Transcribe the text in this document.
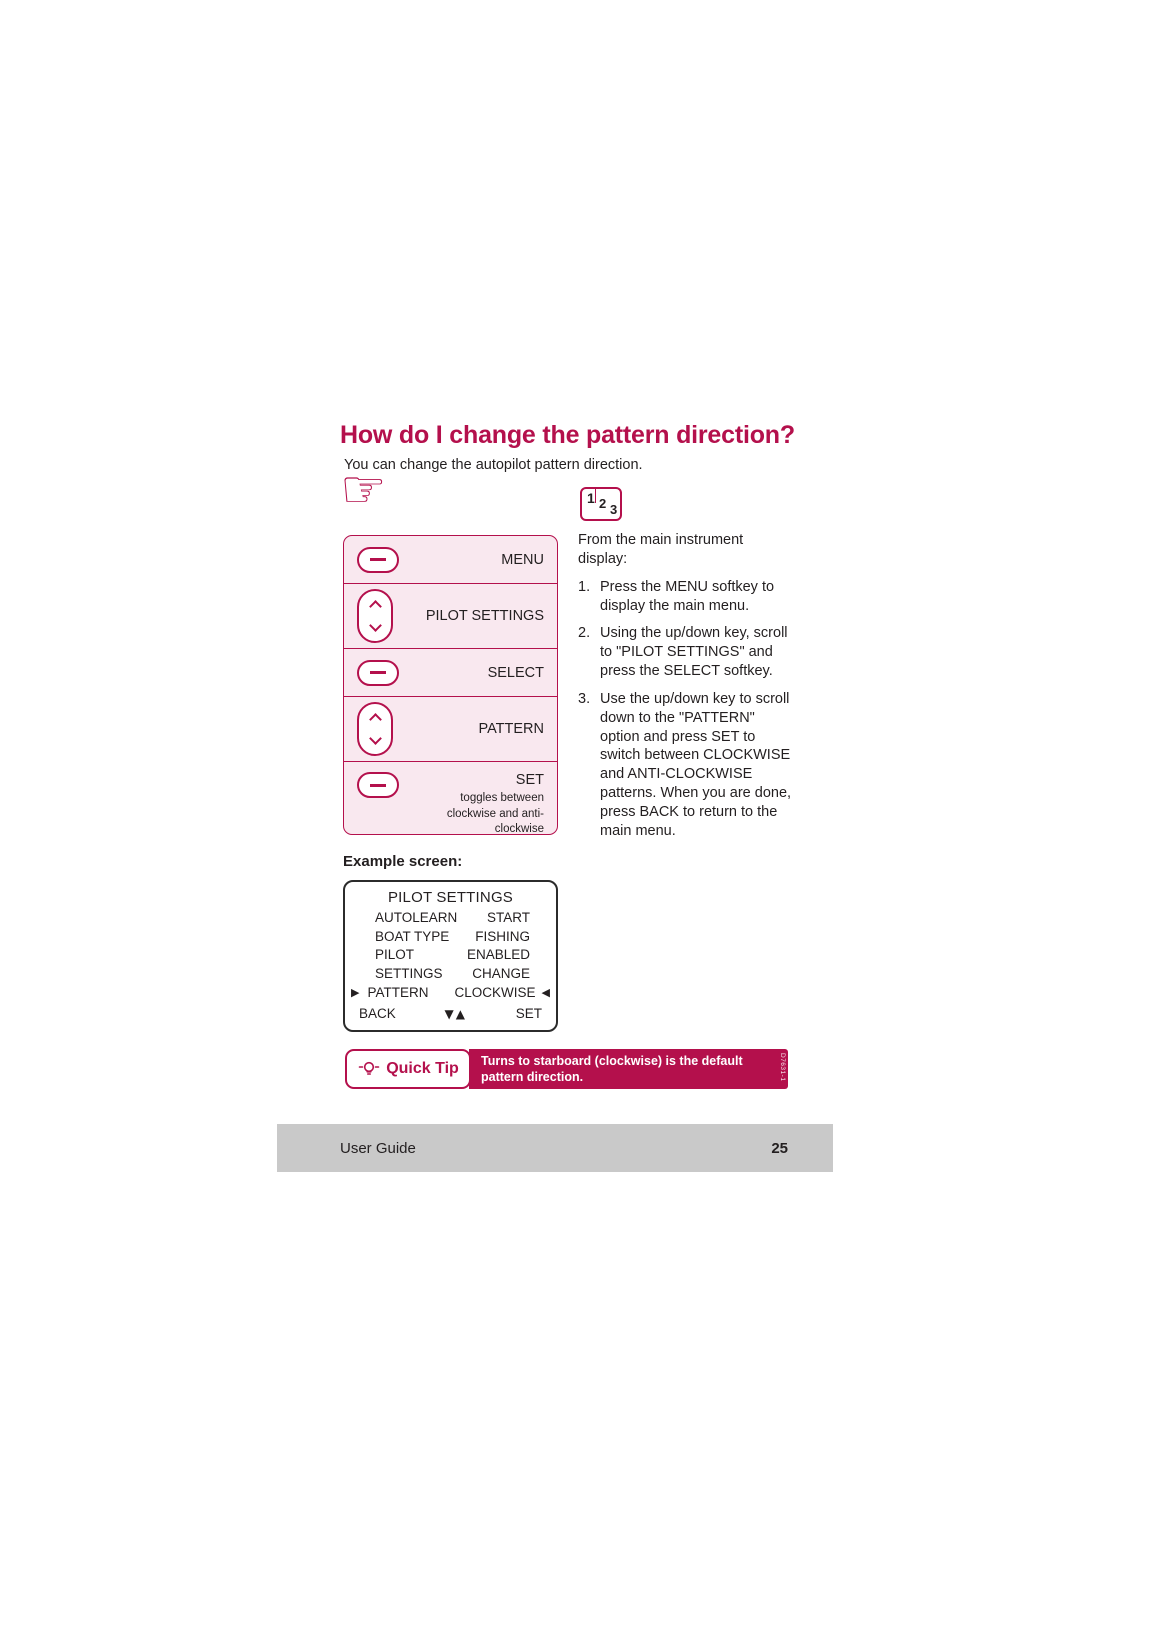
How do I change the pattern direction?
You can change the autopilot pattern direction.
☞	1 2 3
MENU
PILOT SETTINGS
SELECT
PATTERN
SET
toggles between clockwise and anti-clockwise
From the main instrument display:
1. Press the MENU softkey to display the main menu.
2. Using the up/down key, scroll to "PILOT SETTINGS" and press the SELECT softkey.
3. Use the up/down key to scroll down to the "PATTERN" option and press SET to switch between CLOCKWISE and ANTI-CLOCKWISE patterns. When you are done, press BACK to return to the main menu.
Example screen:
PILOT SETTINGS
AUTOLEARN START
BOAT TYPE FISHING
PILOT	ENABLED
SETTINGS CHANGE
▶ PATTERN CLOCKWISE ◀
BACK	▼▲	SET
Quick Tip	Turns to starboard (clockwise) is the default pattern direction.	D7631-1
User Guide	25
